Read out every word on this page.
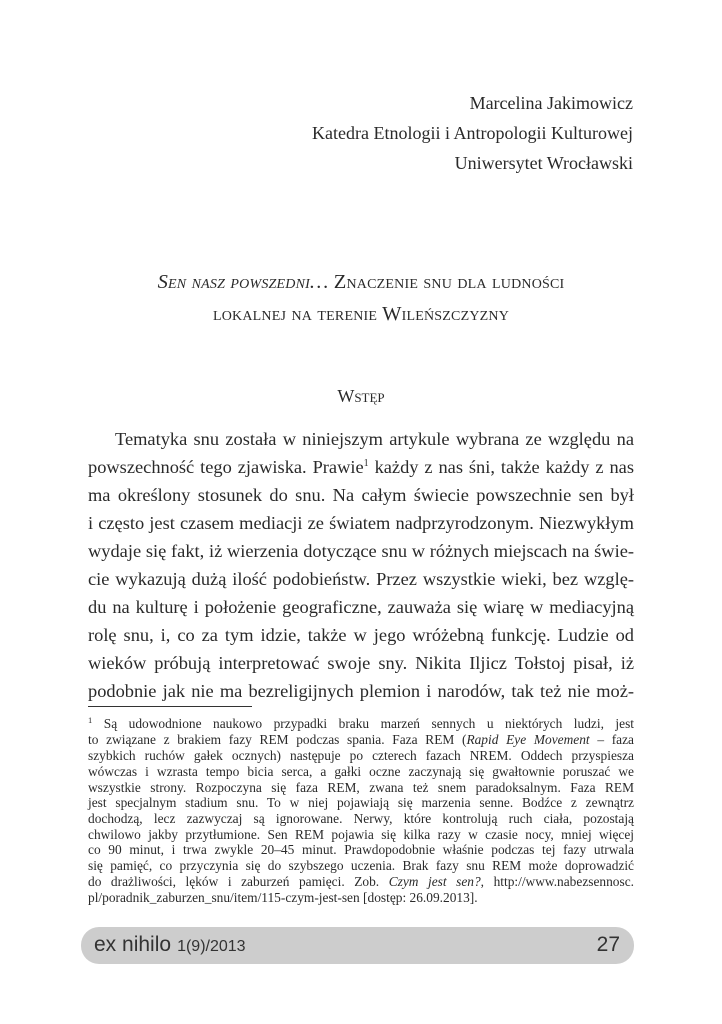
Marcelina Jakimowicz
Katedra Etnologii i Antropologii Kulturowej
Uniwersytet Wrocławski
Sen nasz powszedni… Znaczenie snu dla ludności
lokalnej na terenie Wileńszczyzny
Wstęp
Tematyka snu została w niniejszym artykule wybrana ze względu na
powszechność tego zjawiska. Prawie$^1$ każdy z nas śni, także każdy z nas
ma określony stosunek do snu. Na całym świecie powszechnie sen był
i często jest czasem mediacji ze światem nadprzyrodzonym. Niezwykłym
wydaje się fakt, iż wierzenia dotyczące snu w różnych miejscach na świe-
cie wykazują dużą ilość podobieństw. Przez wszystkie wieki, bez wzglę-
du na kulturę i położenie geograficzne, zauważa się wiarę w mediacyjną
rolę snu, i, co za tym idzie, także w jego wróżebną funkcję. Ludzie od
wieków próbują interpretować swoje sny. Nikita Iljicz Tołstoj pisał, iż
podobnie jak nie ma bezreligijnych plemion i narodów, tak też nie moż-
$^1$ Są udowodnione naukowo przypadki braku marzeń sennych u niektórych ludzi, jest
to związane z brakiem fazy REM podczas spania. Faza REM (Rapid Eye Movement – faza
szybkich ruchów gałek ocznych) następuje po czterech fazach NREM. Oddech przyspiesza
wówczas i wzrasta tempo bicia serca, a gałki oczne zaczynają się gwałtownie poruszać we
wszystkie strony. Rozpoczyna się faza REM, zwana też snem paradoksalnym. Faza REM
jest specjalnym stadium snu. To w niej pojawiają się marzenia senne. Bodźce z zewnątrz
dochodzą, lecz zazwyczaj są ignorowane. Nerwy, które kontrolują ruch ciała, pozostają
chwilowo jakby przytłumione. Sen REM pojawia się kilka razy w czasie nocy, mniej więcej
co 90 minut, i trwa zwykle 20–45 minut. Prawdopodobnie właśnie podczas tej fazy utrwala
się pamięć, co przyczynia się do szybszego uczenia. Brak fazy snu REM może doprowadzić
do drażliwości, lęków i zaburzeń pamięci. Zob. Czym jest sen?, http://www.nabezsennosc.
pl/poradnik_zaburzen_snu/item/115-czym-jest-sen [dostęp: 26.09.2013].
ex nihilo 1(9)/2013	27
